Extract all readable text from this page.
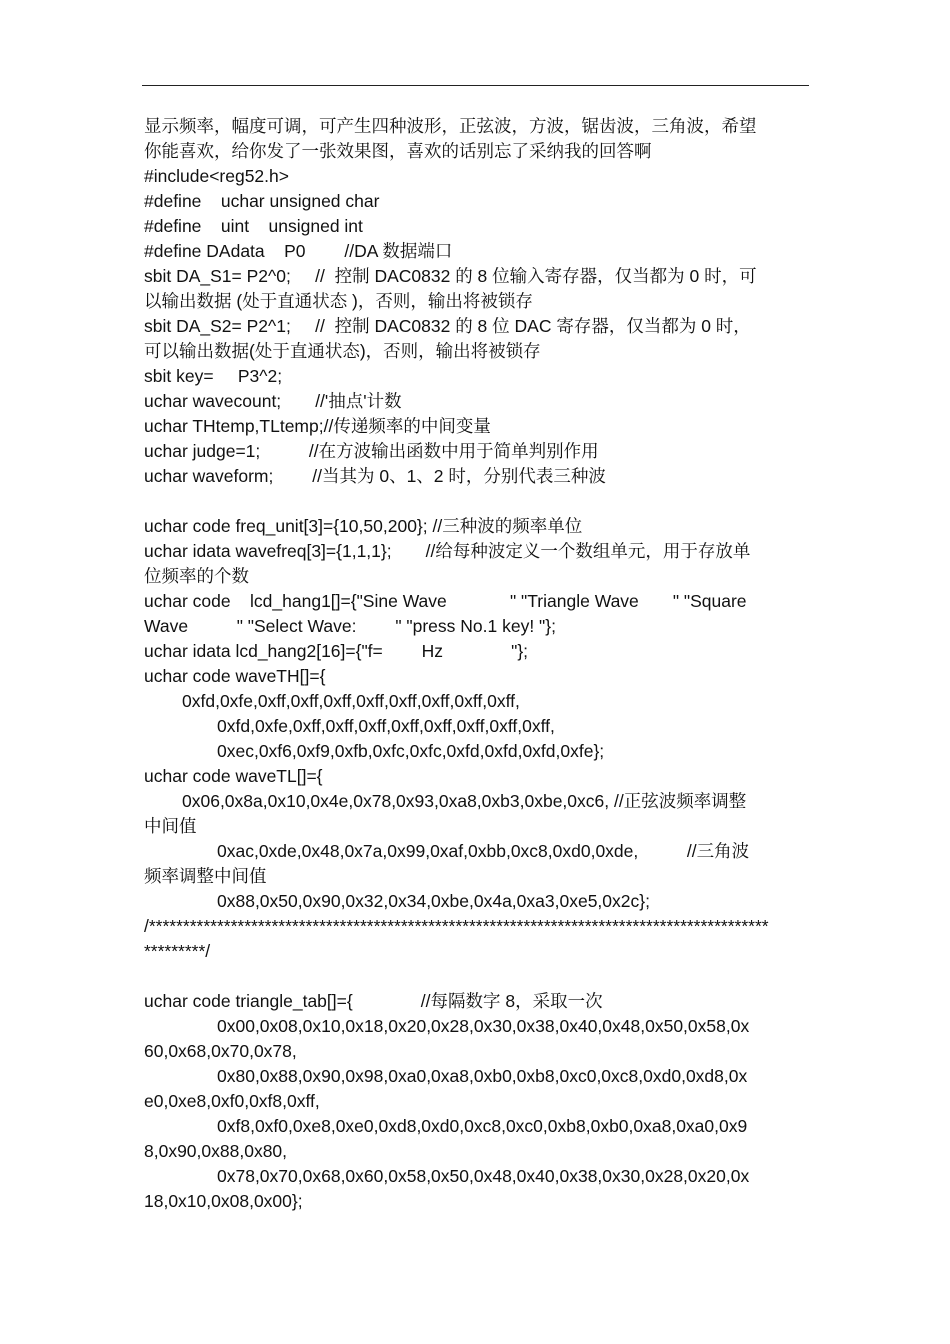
显示频率，幅度可调，可产生四种波形，正弦波，方波，锯齿波，三角波，希望
你能喜欢，给你发了一张效果图，喜欢的话别忘了采纳我的回答啊
#include<reg52.h>
#define    uchar unsigned char
#define    uint    unsigned int
#define DAdata    P0        //DA 数据端口
sbit DA_S1= P2^0;     //  控制 DAC0832 的 8 位输入寄存器，仅当都为 0 时，可
以输出数据 (处于直通状态 )，否则，输出将被锁存
sbit DA_S2= P2^1;     //  控制 DAC0832 的 8 位 DAC 寄存器，仅当都为 0 时，
可以输出数据(处于直通状态)，否则，输出将被锁存
sbit key=     P3^2;
uchar wavecount;       //'抽点'计数
uchar THtemp,TLtemp;//传递频率的中间变量
uchar judge=1;          //在方波输出函数中用于简单判别作用
uchar waveform;        //当其为 0、1、2 时，分别代表三种波
uchar code freq_unit[3]={10,50,200}; //三种波的频率单位
uchar idata wavefreq[3]={1,1,1};       //给每种波定义一个数组单元，用于存放单
位频率的个数
uchar code    lcd_hang1[]={"Sine Wave             " "Triangle Wave       " "Square
Wave          " "Select Wave:        " "press No.1 key! "};
uchar idata lcd_hang2[16]={"f=        Hz              "};
uchar code waveTH[]={
0xfd,0xfe,0xff,0xff,0xff,0xff,0xff,0xff,0xff,0xff,
0xfd,0xfe,0xff,0xff,0xff,0xff,0xff,0xff,0xff,0xff,
0xec,0xf6,0xf9,0xfb,0xfc,0xfc,0xfd,0xfd,0xfd,0xfe};
uchar code waveTL[]={
0x06,0x8a,0x10,0x4e,0x78,0x93,0xa8,0xb3,0xbe,0xc6, //正弦波频率调整
中间值
0xac,0xde,0x48,0x7a,0x99,0xaf,0xbb,0xc8,0xd0,0xde,          //三角波
频率调整中间值
0x88,0x50,0x90,0x32,0x34,0xbe,0x4a,0xa3,0xe5,0x2c};
/*******************************************************************************************
*********/
uchar code triangle_tab[]={              //每隔数字 8，采取一次
0x00,0x08,0x10,0x18,0x20,0x28,0x30,0x38,0x40,0x48,0x50,0x58,0x
60,0x68,0x70,0x78,
0x80,0x88,0x90,0x98,0xa0,0xa8,0xb0,0xb8,0xc0,0xc8,0xd0,0xd8,0x
e0,0xe8,0xf0,0xf8,0xff,
0xf8,0xf0,0xe8,0xe0,0xd8,0xd0,0xc8,0xc0,0xb8,0xb0,0xa8,0xa0,0x9
8,0x90,0x88,0x80,
0x78,0x70,0x68,0x60,0x58,0x50,0x48,0x40,0x38,0x30,0x28,0x20,0x
18,0x10,0x08,0x00};
